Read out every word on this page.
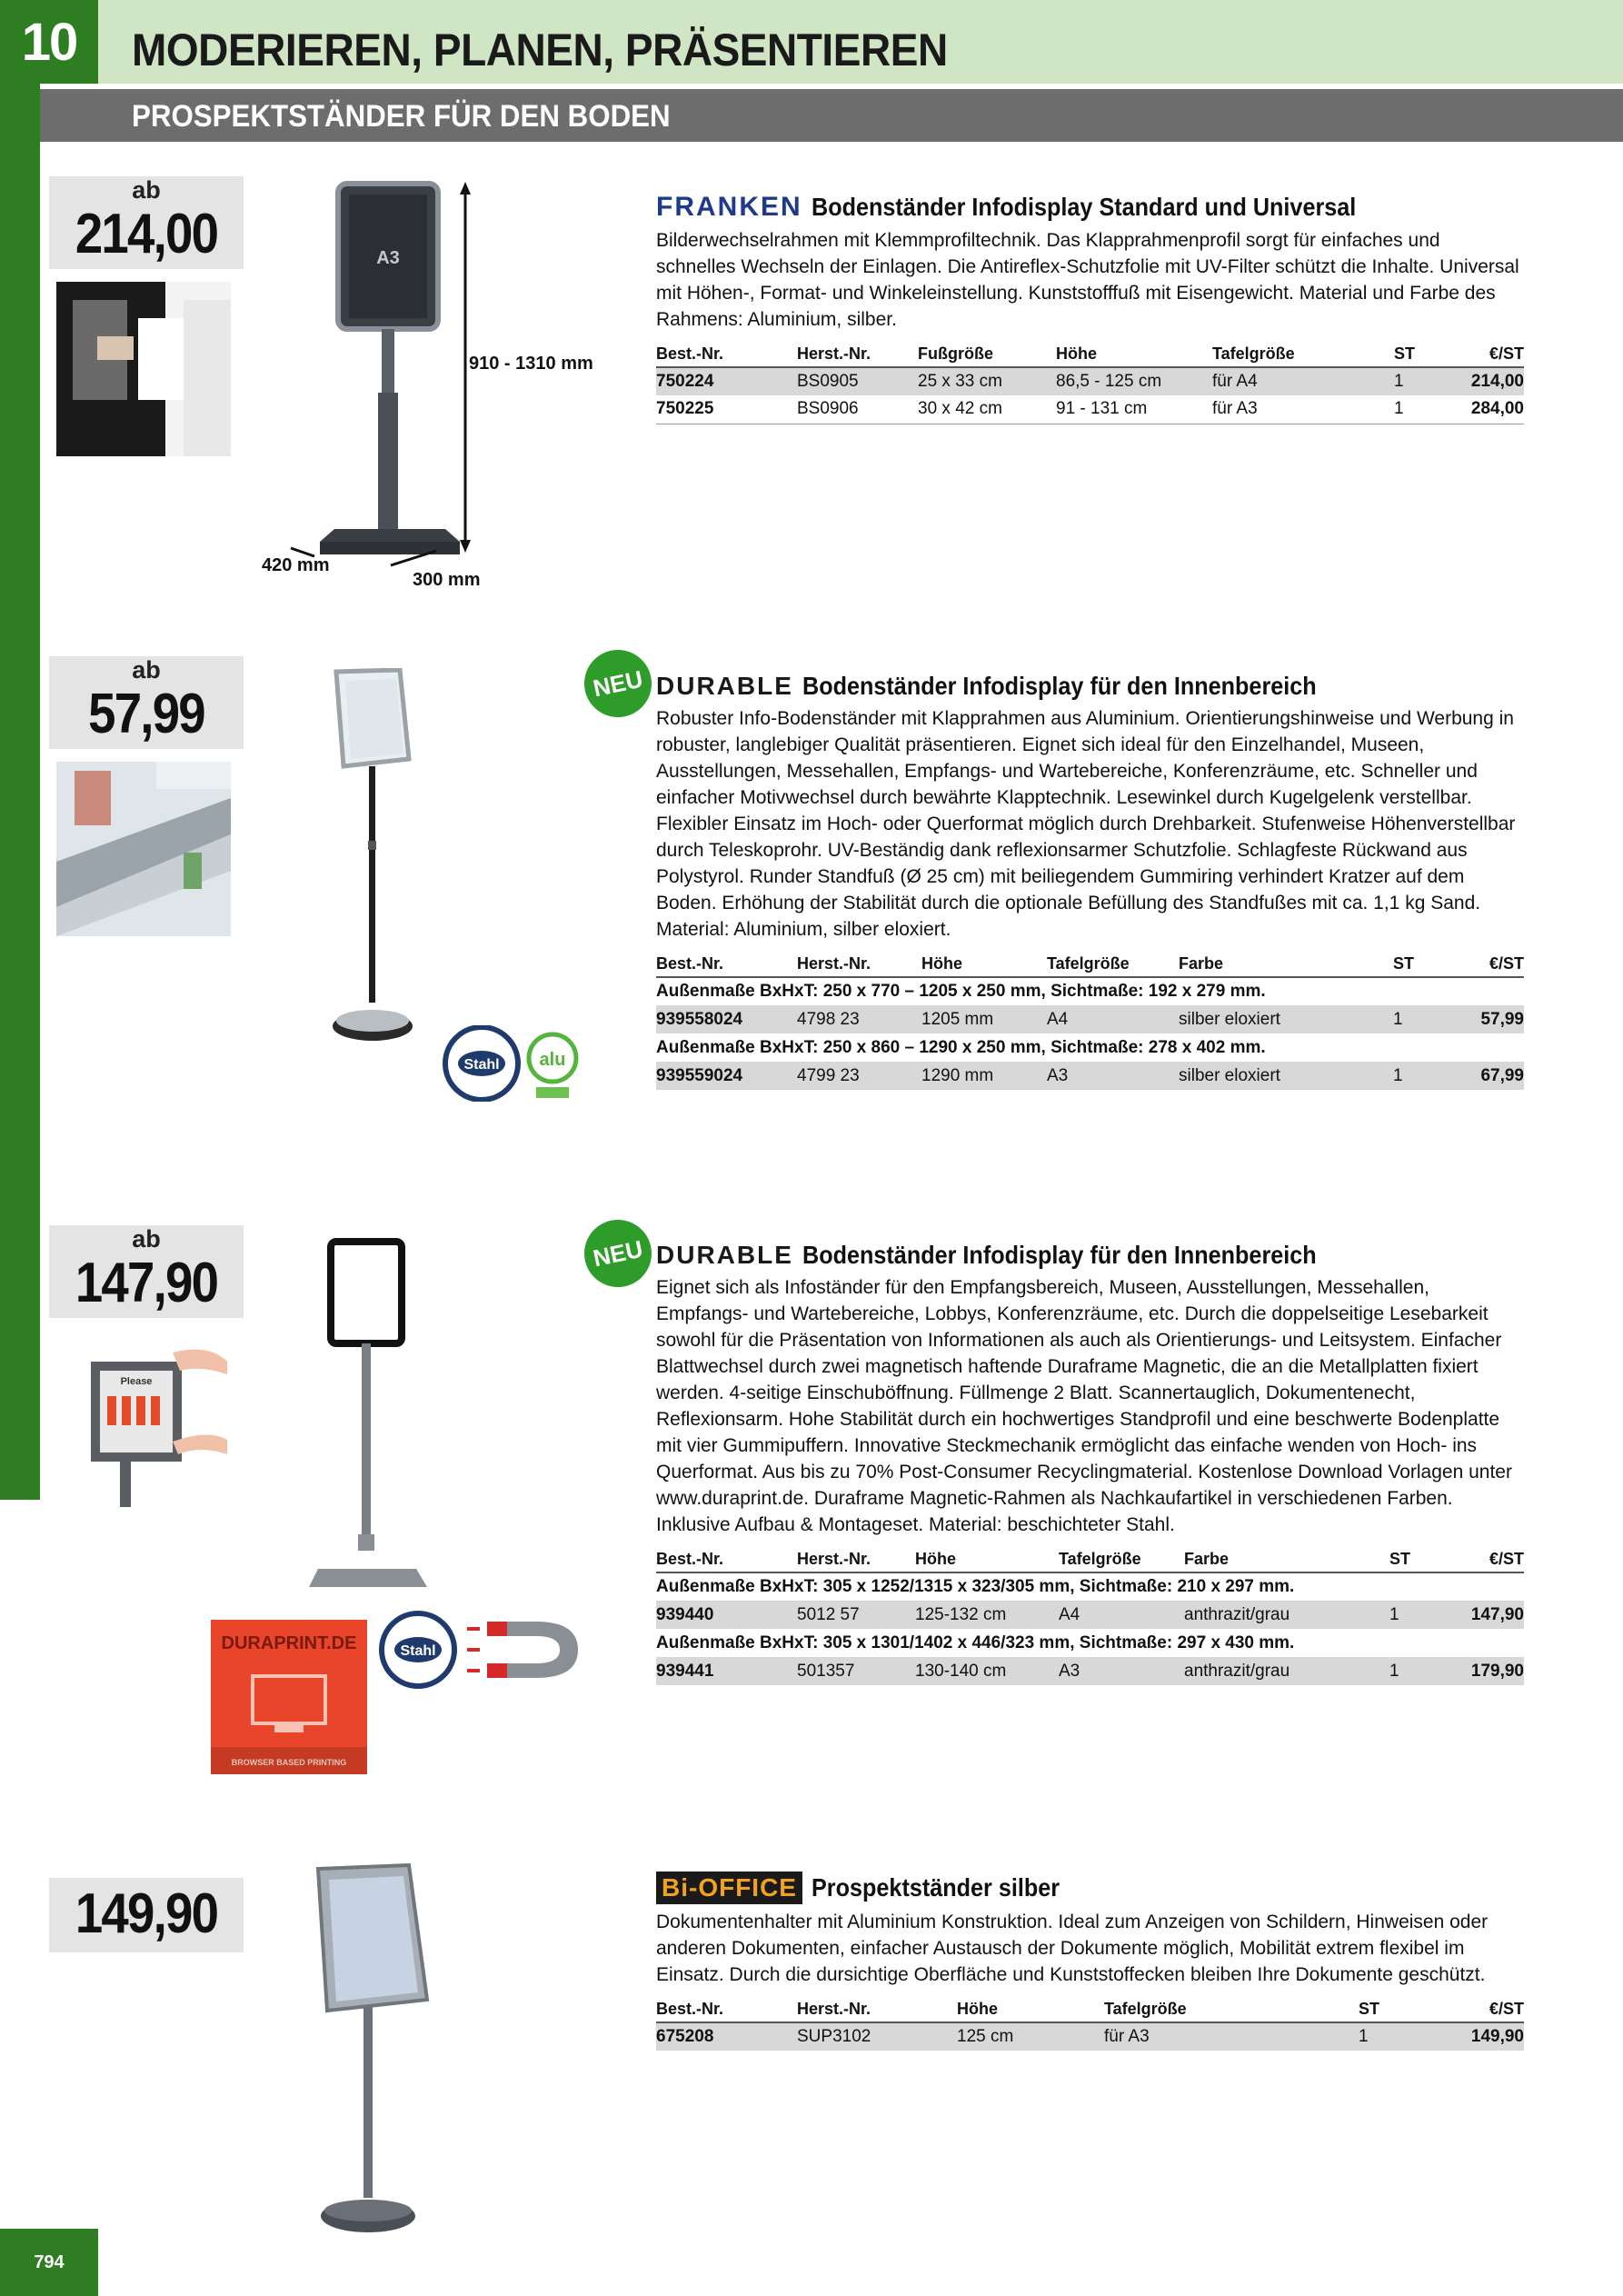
10	MODERIEREN, PLANEN, PRÄSENTIEREN
PROSPEKTSTÄNDER FÜR DEN BODEN
ab
214,00	A3
910 - 1310 mm
420 mm
300 mm
FRANKEN Bodenständer Infodisplay Standard und Universal
Bilderwechselrahmen mit Klemmprofiltechnik. Das Klapprahmenprofil sorgt für einfaches und schnelles Wechseln der Einlagen. Die Antireflex-Schutzfolie mit UV-Filter schützt die Inhalte. Universal mit Höhen-, Format- und Winkeleinstellung. Kunststofffuß mit Eisengewicht. Material und Farbe des Rahmens: Aluminium, silber.
Best.-Nr.	Herst.-Nr.	Fußgröße	Höhe	Tafelgröße	ST	€/ST
750224	BS0905	25 x 33 cm	86,5 - 125 cm	für A4	1	214,00
750225	BS0906	30 x 42 cm	91 - 131 cm	für A3	1	284,00
ab
57,99	NEU
Stahl alu
DURABLE Bodenständer Infodisplay für den Innenbereich
Robuster Info-Bodenständer mit Klapprahmen aus Aluminium. Orientierungshinweise und Werbung in robuster, langlebiger Qualität präsentieren. Eignet sich ideal für den Einzelhandel, Museen, Ausstellungen, Messehallen, Empfangs- und Wartebereiche, Konferenzräume, etc. Schneller und einfacher Motivwechsel durch bewährte Klapptechnik. Lesewinkel durch Kugelgelenk verstellbar. Flexibler Einsatz im Hoch- oder Querformat möglich durch Drehbarkeit. Stufenweise Höhenverstellbar durch Teleskoprohr. UV-Beständig dank reflexionsarmer Schutzfolie. Schlagfeste Rückwand aus Polystyrol. Runder Standfuß (Ø 25 cm) mit beiliegendem Gummiring verhindert Kratzer auf dem Boden. Erhöhung der Stabilität durch die optionale Befüllung des Standfußes mit ca. 1,1 kg Sand. Material: Aluminium, silber eloxiert.
Best.-Nr.	Herst.-Nr.	Höhe	Tafelgröße	Farbe	ST	€/ST
Außenmaße BxHxT: 250 x 770 – 1205 x 250 mm, Sichtmaße: 192 x 279 mm.						
939558024	4798 23	1205 mm	A4	silber eloxiert	1	57,99
Außenmaße BxHxT: 250 x 860 – 1290 x 250 mm, Sichtmaße: 278 x 402 mm.						
939559024	4799 23	1290 mm	A3	silber eloxiert	1	67,99
ab
147,90
Please
NEU
DURAPRINT.DE
BROWSER BASED PRINTING
Stahl
DURABLE Bodenständer Infodisplay für den Innenbereich
Eignet sich als Infoständer für den Empfangsbereich, Museen, Ausstellungen, Messehallen, Empfangs- und Wartebereiche, Lobbys, Konferenzräume, etc. Durch die doppelseitige Lesebarkeit sowohl für die Präsentation von Informationen als auch als Orientierungs- und Leitsystem. Einfacher Blattwechsel durch zwei magnetisch haftende Duraframe Magnetic, die an die Metallplatten fixiert werden. 4-seitige Einschuböffnung. Füllmenge 2 Blatt. Scannertauglich, Dokumentenecht, Reflexionsarm. Hohe Stabilität durch ein hochwertiges Standprofil und eine beschwerte Bodenplatte mit vier Gummipuffern. Innovative Steckmechanik ermöglicht das einfache wenden von Hoch- ins Querformat. Aus bis zu 70% Post-Consumer Recyclingmaterial. Kostenlose Download Vorlagen unter www.duraprint.de. Duraframe Magnetic-Rahmen als Nachkaufartikel in verschiedenen Farben. Inklusive Aufbau & Montageset. Material: beschichteter Stahl.
Best.-Nr.	Herst.-Nr.	Höhe	Tafelgröße	Farbe	ST	€/ST
Außenmaße BxHxT: 305 x 1252/1315 x 323/305 mm, Sichtmaße: 210 x 297 mm.						
939440	5012 57	125-132 cm	A4	anthrazit/grau	1	147,90
Außenmaße BxHxT: 305 x 1301/1402 x 446/323 mm, Sichtmaße: 297 x 430 mm.						
939441	501357	130-140 cm	A3	anthrazit/grau	1	179,90
149,90	Bi-OFFICE Prospektständer silber
Dokumentenhalter mit Aluminium Konstruktion. Ideal zum Anzeigen von Schildern, Hinweisen oder anderen Dokumenten, einfacher Austausch der Dokumente möglich, Mobilität extrem flexibel im Einsatz. Durch die dursichtige Oberfläche und Kunststoffecken bleiben Ihre Dokumente geschützt.
Best.-Nr.	Herst.-Nr.	Höhe	Tafelgröße	ST	€/ST
675208	SUP3102	125 cm	für A3	1	149,90
794
